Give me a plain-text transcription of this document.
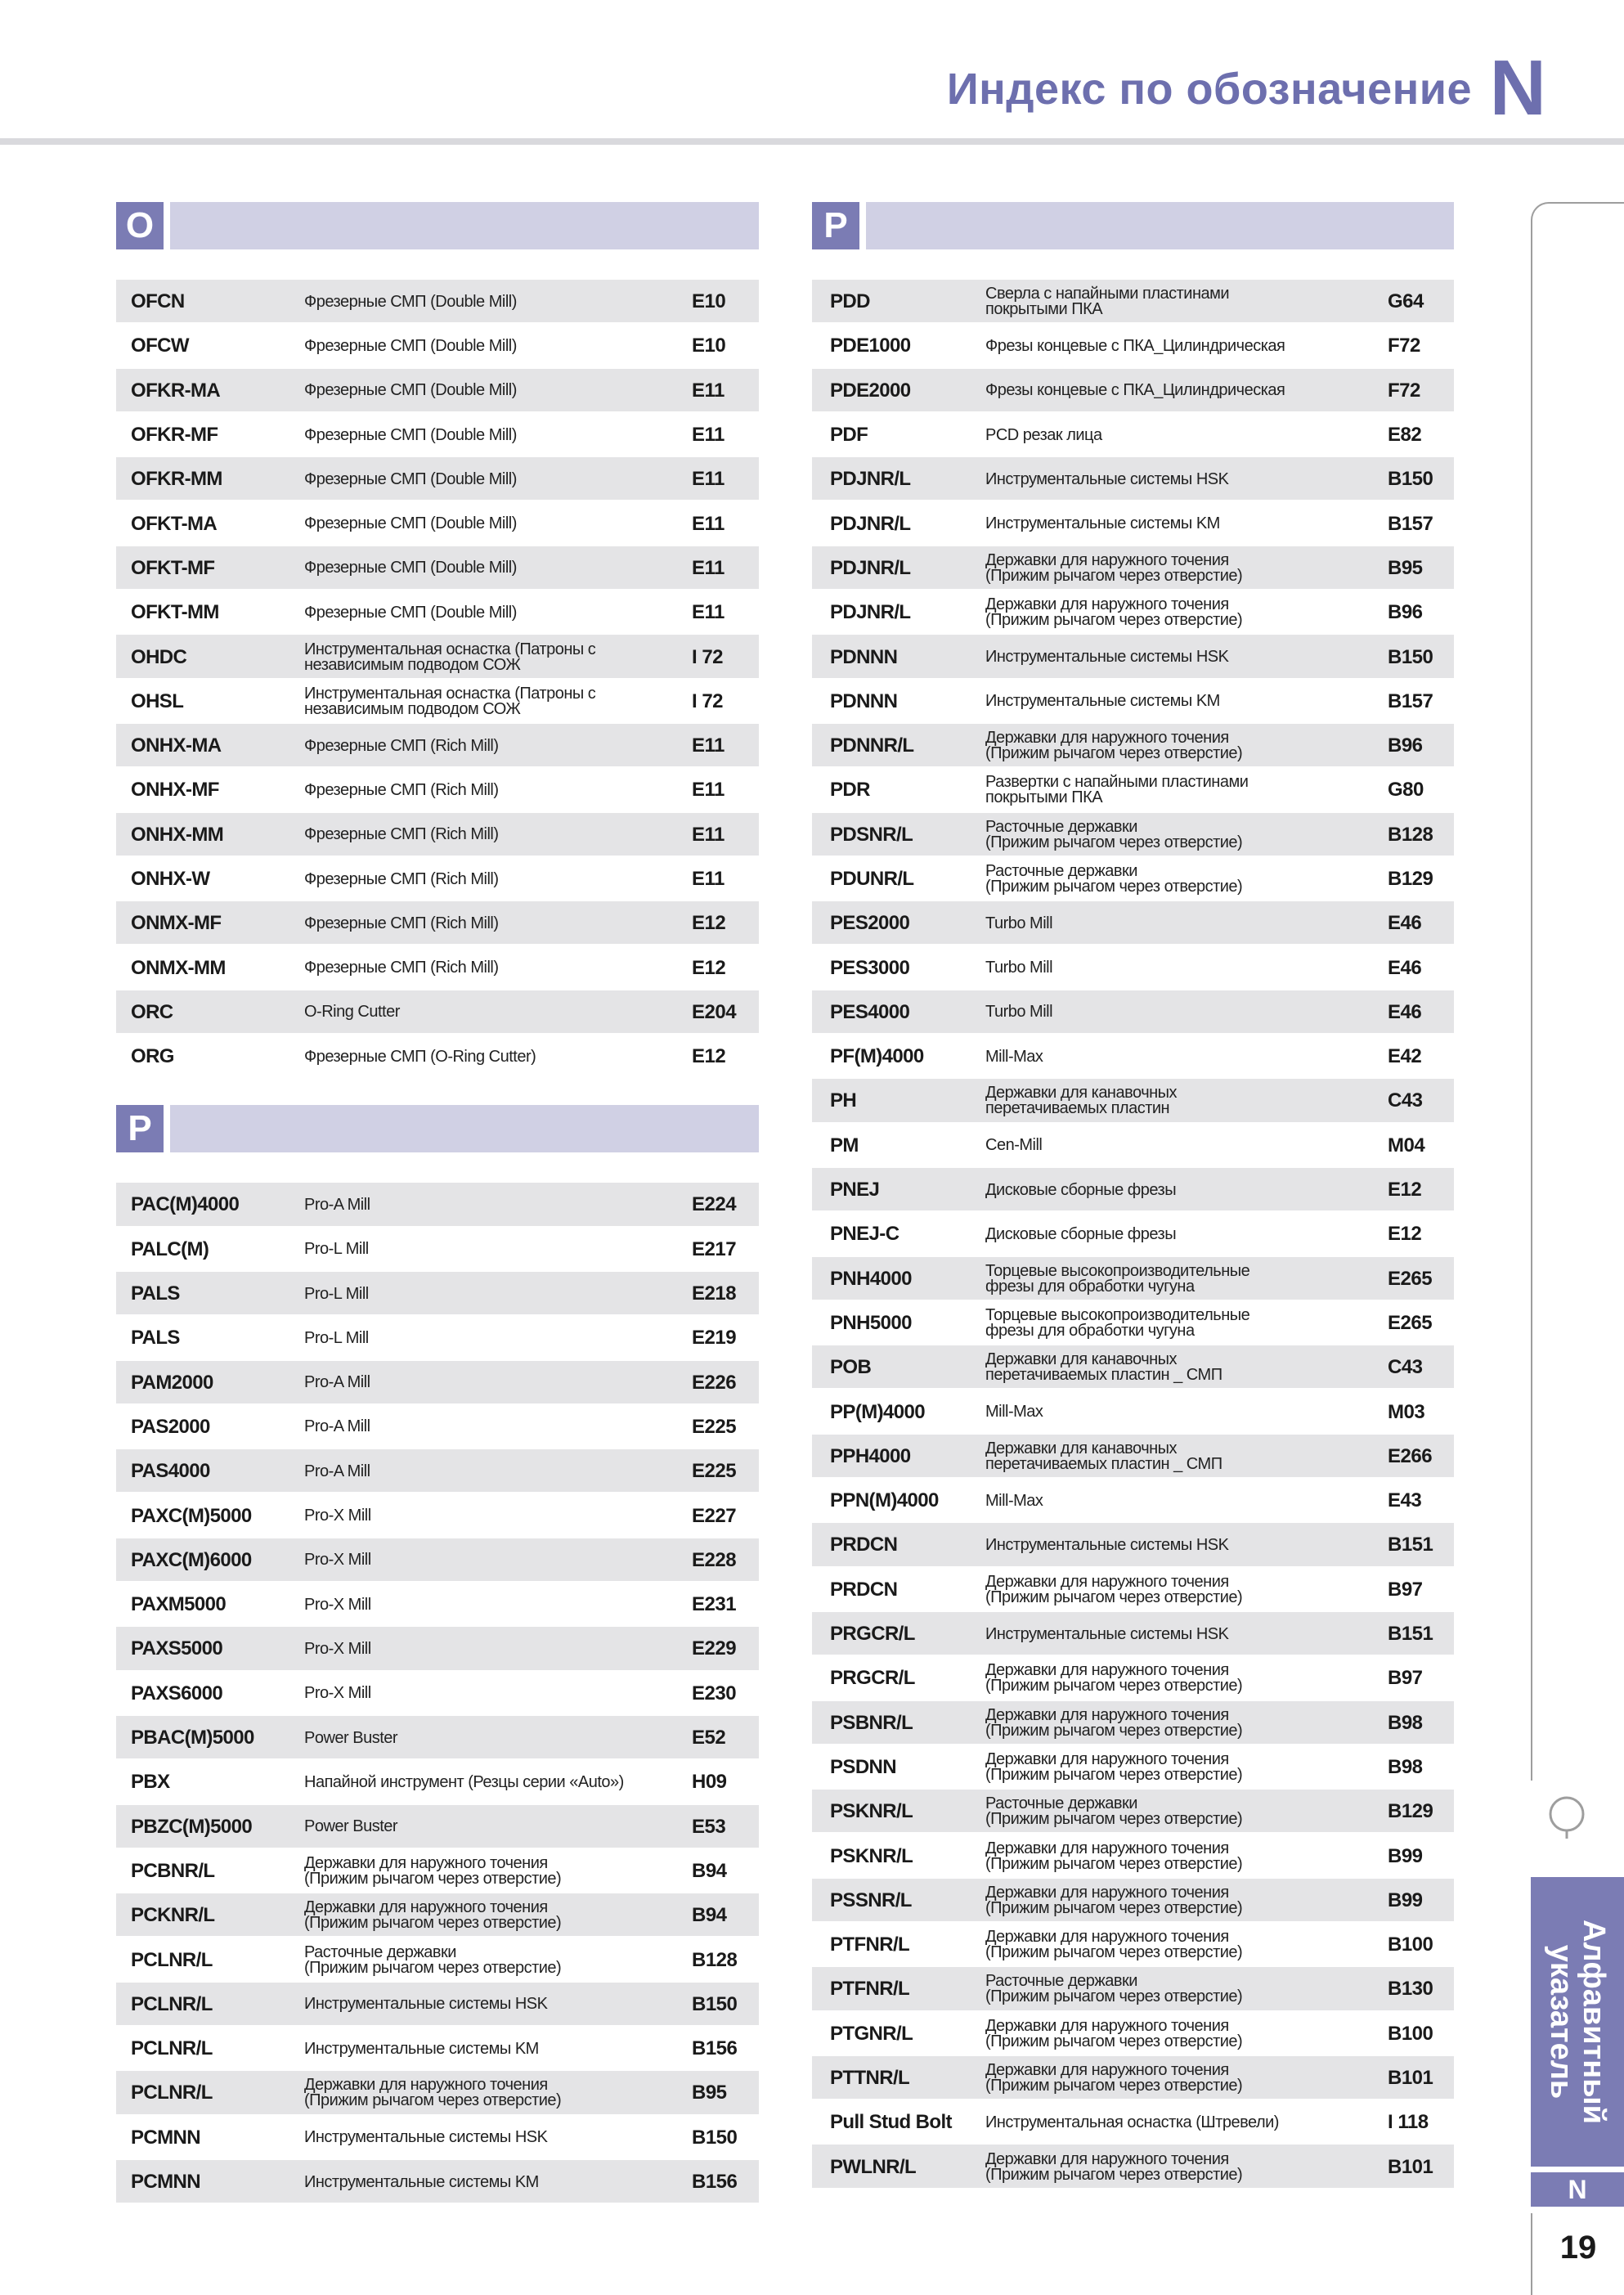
Индекс по обозначение N
O
OFCN	Фрезерные СМП (Double Mill)	E10
OFCW	Фрезерные СМП (Double Mill)	E10
OFKR-MA	Фрезерные СМП (Double Mill)	E11
OFKR-MF	Фрезерные СМП (Double Mill)	E11
OFKR-MM	Фрезерные СМП (Double Mill)	E11
OFKT-MA	Фрезерные СМП (Double Mill)	E11
OFKT-MF	Фрезерные СМП (Double Mill)	E11
OFKT-MM	Фрезерные СМП (Double Mill)	E11
OHDC	Инструментальная оснастка (Патроны с
независимым подводом СОЖ	I 72
OHSL	Инструментальная оснастка (Патроны с
независимым подводом СОЖ	I 72
ONHX-MA	Фрезерные СМП (Rich Mill)	E11
ONHX-MF	Фрезерные СМП (Rich Mill)	E11
ONHX-MM	Фрезерные СМП (Rich Mill)	E11
ONHX-W	Фрезерные СМП (Rich Mill)	E11
ONMX-MF	Фрезерные СМП (Rich Mill)	E12
ONMX-MM	Фрезерные СМП (Rich Mill)	E12
ORC	O-Ring Cutter	E204
ORG	Фрезерные СМП (O-Ring Cutter)	E12
P
PAC(M)4000	Pro-A Mill	E224
PALC(M)	Pro-L Mill	E217
PALS	Pro-L Mill	E218
PALS	Pro-L Mill	E219
PAM2000	Pro-A Mill	E226
PAS2000	Pro-A Mill	E225
PAS4000	Pro-A Mill	E225
PAXC(M)5000	Pro-X Mill	E227
PAXC(M)6000	Pro-X Mill	E228
PAXM5000	Pro-X Mill	E231
PAXS5000	Pro-X Mill	E229
PAXS6000	Pro-X Mill	E230
PBAC(M)5000	Power Buster	E52
PBX	Напайной инструмент (Резцы серии «Auto»)	H09
PBZC(M)5000	Power Buster	E53
PCBNR/L	Державки для наружного точения
(Прижим рычагом через отверстие)	B94
PCKNR/L	Державки для наружного точения
(Прижим рычагом через отверстие)	B94
PCLNR/L	Расточные державки
(Прижим рычагом через отверстие)	B128
PCLNR/L	Инструментальные системы HSK	B150
PCLNR/L	Инструментальные системы KM	B156
PCLNR/L	Державки для наружного точения
(Прижим рычагом через отверстие)	B95
PCMNN	Инструментальные системы HSK	B150
PCMNN	Инструментальные системы KM	B156
P
PDD	Сверла с напайными пластинами
покрытыми ПКА	G64
PDE1000	Фрезы концевые с ПКА_Цилиндрическая	F72
PDE2000	Фрезы концевые с ПКА_Цилиндрическая	F72
PDF	PCD резак лица	E82
PDJNR/L	Инструментальные системы HSK	B150
PDJNR/L	Инструментальные системы KM	B157
PDJNR/L	Державки для наружного точения
(Прижим рычагом через отверстие)	B95
PDJNR/L	Державки для наружного точения
(Прижим рычагом через отверстие)	B96
PDNNN	Инструментальные системы HSK	B150
PDNNN	Инструментальные системы KM	B157
PDNNR/L	Державки для наружного точения
(Прижим рычагом через отверстие)	B96
PDR	Развертки с напайными пластинами
покрытыми ПКА	G80
PDSNR/L	Расточные державки
(Прижим рычагом через отверстие)	B128
PDUNR/L	Расточные державки
(Прижим рычагом через отверстие)	B129
PES2000	Turbo Mill	E46
PES3000	Turbo Mill	E46
PES4000	Turbo Mill	E46
PF(M)4000	Mill-Max	E42
PH	Державки для канавочных
перетачиваемых пластин	C43
PM	Cen-Mill	M04
PNEJ	Дисковые сборные фрезы	E12
PNEJ-C	Дисковые сборные фрезы	E12
PNH4000	Торцевые высокопроизводительные
фрезы для обработки чугуна	E265
PNH5000	Торцевые высокопроизводительные
фрезы для обработки чугуна	E265
POB	Державки для канавочных
перетачиваемых пластин _ СМП	C43
PP(M)4000	Mill-Max	M03
PPH4000	Державки для канавочных
перетачиваемых пластин _ СМП	E266
PPN(M)4000	Mill-Max	E43
PRDCN	Инструментальные системы HSK	B151
PRDCN	Державки для наружного точения
(Прижим рычагом через отверстие)	B97
PRGCR/L	Инструментальные системы HSK	B151
PRGCR/L	Державки для наружного точения
(Прижим рычагом через отверстие)	B97
PSBNR/L	Державки для наружного точения
(Прижим рычагом через отверстие)	B98
PSDNN	Державки для наружного точения
(Прижим рычагом через отверстие)	B98
PSKNR/L	Расточные державки
(Прижим рычагом через отверстие)	B129
PSKNR/L	Державки для наружного точения
(Прижим рычагом через отверстие)	B99
PSSNR/L	Державки для наружного точения
(Прижим рычагом через отверстие)	B99
PTFNR/L	Державки для наружного точения
(Прижим рычагом через отверстие)	B100
PTFNR/L	Расточные державки
(Прижим рычагом через отверстие)	B130
PTGNR/L	Державки для наружного точения
(Прижим рычагом через отверстие)	B100
PTTNR/L	Державки для наружного точения
(Прижим рычагом через отверстие)	B101
Pull Stud Bolt	Инструментальная оснастка (Штревели)	I 118
PWLNR/L	Державки для наружного точения
(Прижим рычагом через отверстие)	B101
Алфавитный
указатель
N
19
